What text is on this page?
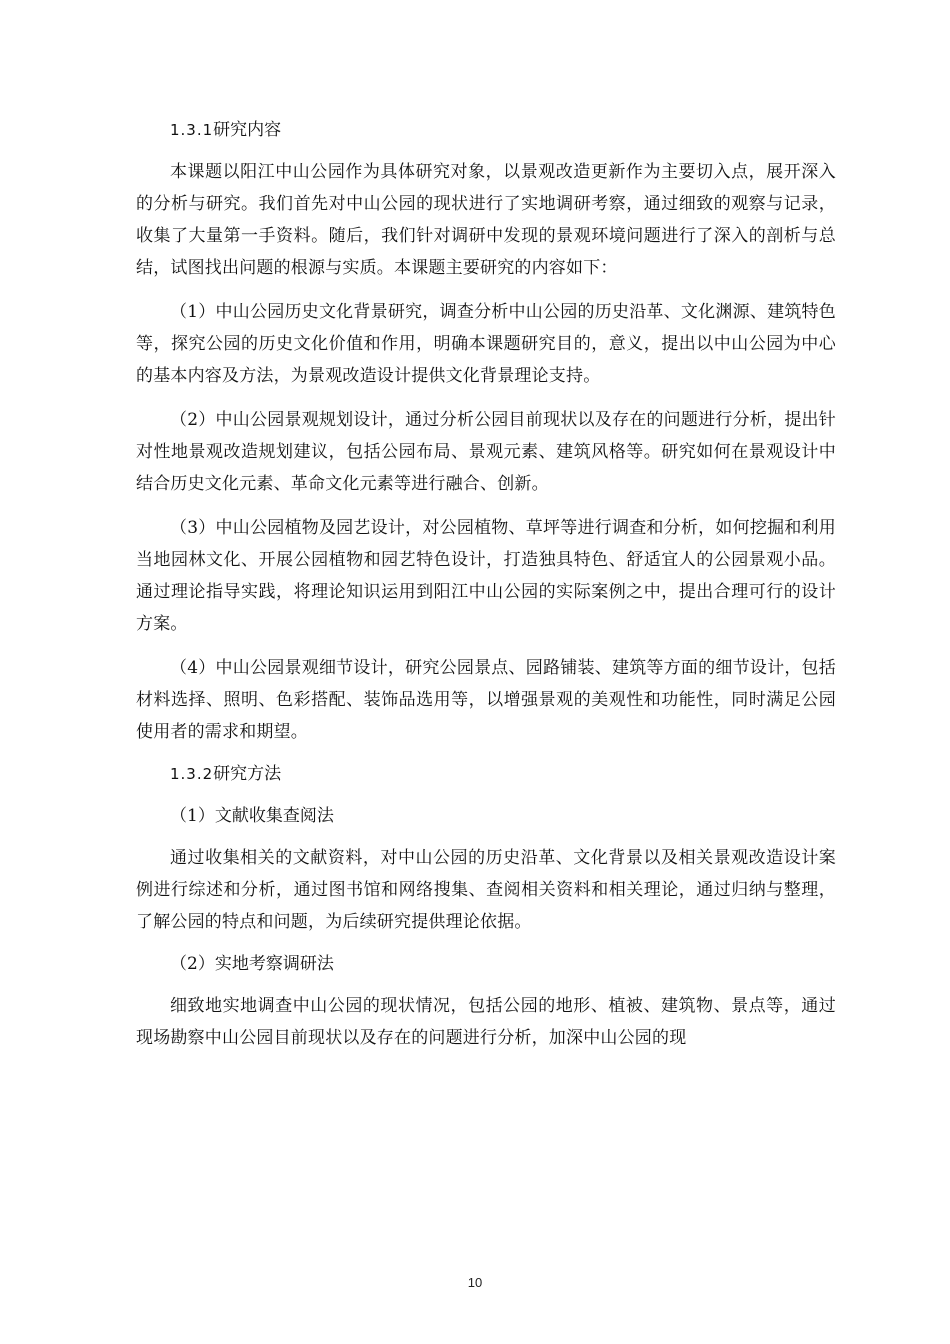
1.3.1研究内容

本课题以阳江中山公园作为具体研究对象，以景观改造更新作为主要切入点，展开深入的分析与研究。我们首先对中山公园的现状进行了实地调研考察，通过细致的观察与记录，收集了大量第一手资料。随后，我们针对调研中发现的景观环境问题进行了深入的剖析与总结，试图找出问题的根源与实质。本课题主要研究的内容如下：

（1）中山公园历史文化背景研究，调查分析中山公园的历史沿革、文化渊源、建筑特色等，探究公园的历史文化价值和作用，明确本课题研究目的，意义，提出以中山公园为中心的基本内容及方法，为景观改造设计提供文化背景理论支持。

（2）中山公园景观规划设计，通过分析公园目前现状以及存在的问题进行分析，提出针对性地景观改造规划建议，包括公园布局、景观元素、建筑风格等。研究如何在景观设计中结合历史文化元素、革命文化元素等进行融合、创新。

（3）中山公园植物及园艺设计，对公园植物、草坪等进行调查和分析，如何挖掘和利用当地园林文化、开展公园植物和园艺特色设计，打造独具特色、舒适宜人的公园景观小品。通过理论指导实践，将理论知识运用到阳江中山公园的实际案例之中，提出合理可行的设计方案。

（4）中山公园景观细节设计，研究公园景点、园路铺装、建筑等方面的细节设计，包括材料选择、照明、色彩搭配、装饰品选用等，以增强景观的美观性和功能性，同时满足公园使用者的需求和期望。

1.3.2研究方法

（1）文献收集查阅法

通过收集相关的文献资料，对中山公园的历史沿革、文化背景以及相关景观改造设计案例进行综述和分析，通过图书馆和网络搜集、查阅相关资料和相关理论，通过归纳与整理，了解公园的特点和问题，为后续研究提供理论依据。

（2）实地考察调研法

细致地实地调查中山公园的现状情况，包括公园的地形、植被、建筑物、景点等，通过现场勘察中山公园目前现状以及存在的问题进行分析，加深中山公园的现

10
